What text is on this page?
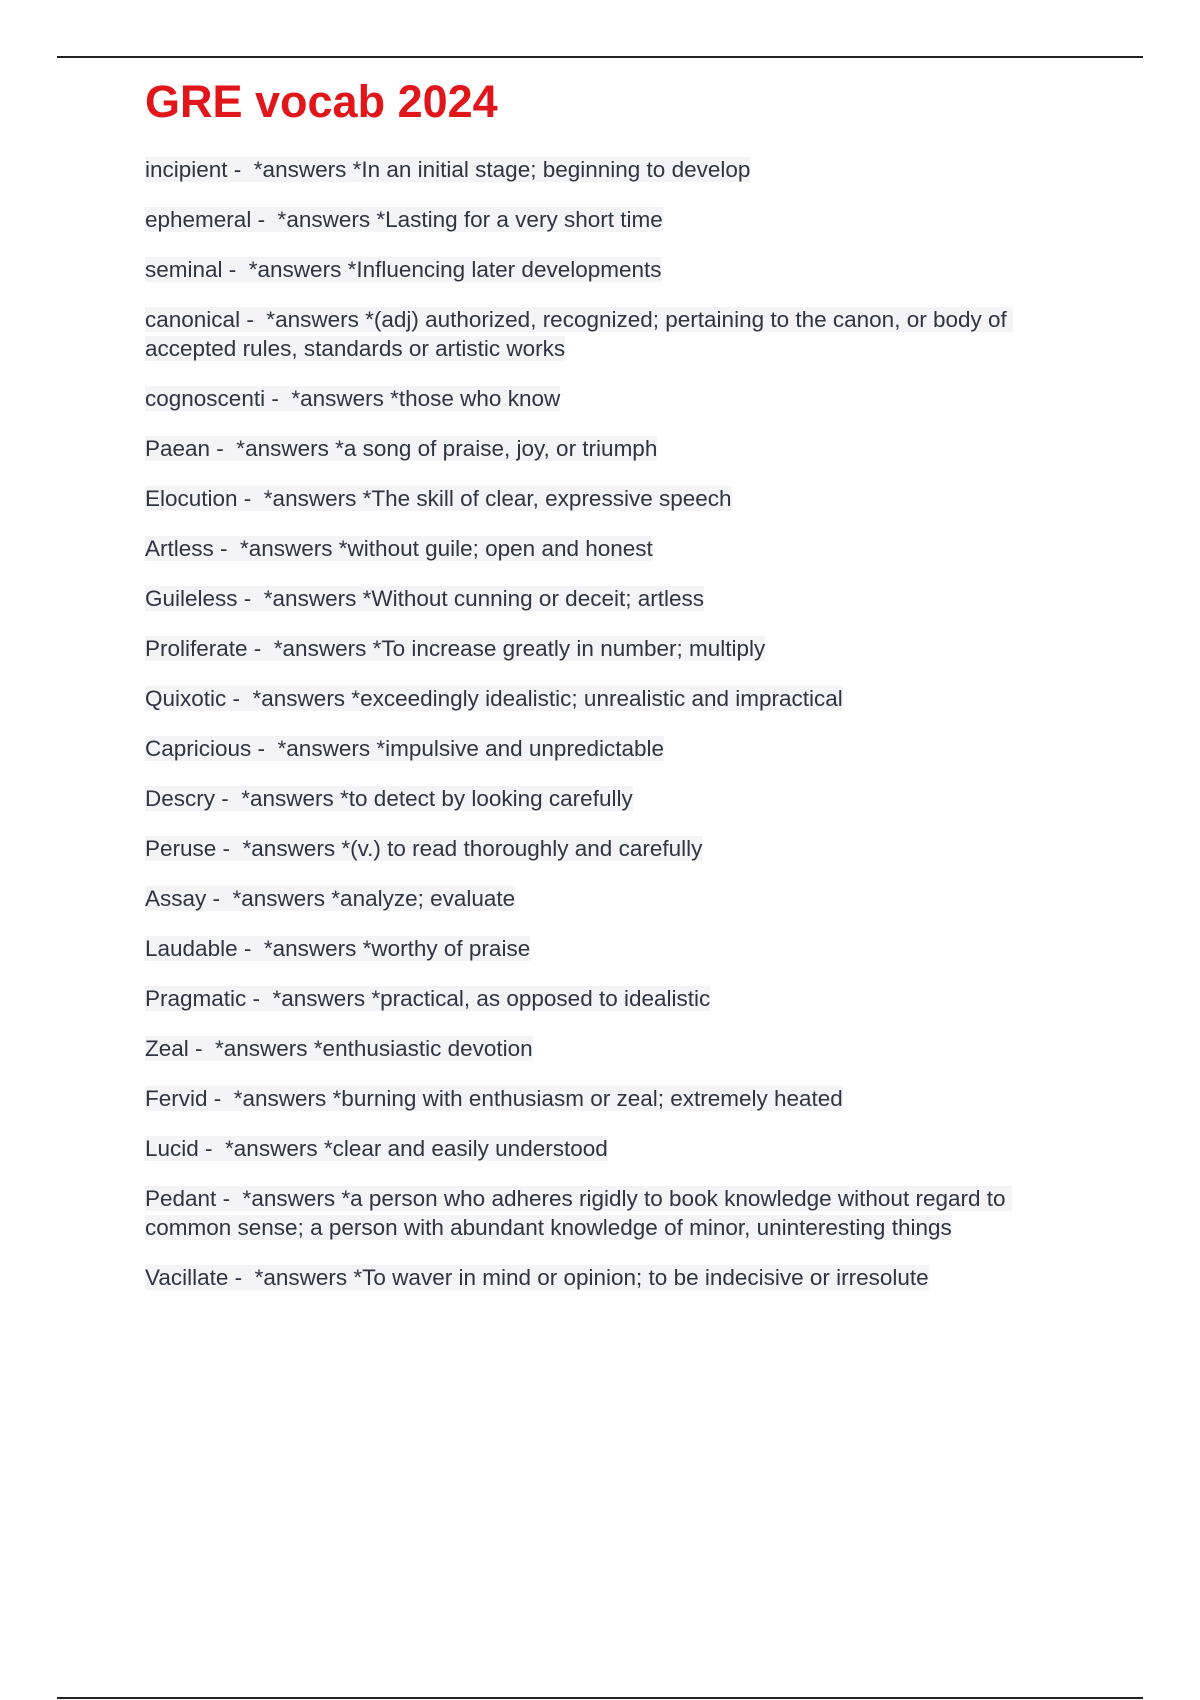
GRE vocab 2024
incipient -  *answers *In an initial stage; beginning to develop
ephemeral -  *answers *Lasting for a very short time
seminal -  *answers *Influencing later developments
canonical -  *answers *(adj) authorized, recognized; pertaining to the canon, or body of accepted rules, standards or artistic works
cognoscenti -  *answers *those who know
Paean -  *answers *a song of praise, joy, or triumph
Elocution -  *answers *The skill of clear, expressive speech
Artless -  *answers *without guile; open and honest
Guileless -  *answers *Without cunning or deceit; artless
Proliferate -  *answers *To increase greatly in number; multiply
Quixotic -  *answers *exceedingly idealistic; unrealistic and impractical
Capricious -  *answers *impulsive and unpredictable
Descry -  *answers *to detect by looking carefully
Peruse -  *answers *(v.) to read thoroughly and carefully
Assay -  *answers *analyze; evaluate
Laudable -  *answers *worthy of praise
Pragmatic -  *answers *practical, as opposed to idealistic
Zeal -  *answers *enthusiastic devotion
Fervid -  *answers *burning with enthusiasm or zeal; extremely heated
Lucid -  *answers *clear and easily understood
Pedant -  *answers *a person who adheres rigidly to book knowledge without regard to common sense; a person with abundant knowledge of minor, uninteresting things
Vacillate -  *answers *To waver in mind or opinion; to be indecisive or irresolute
